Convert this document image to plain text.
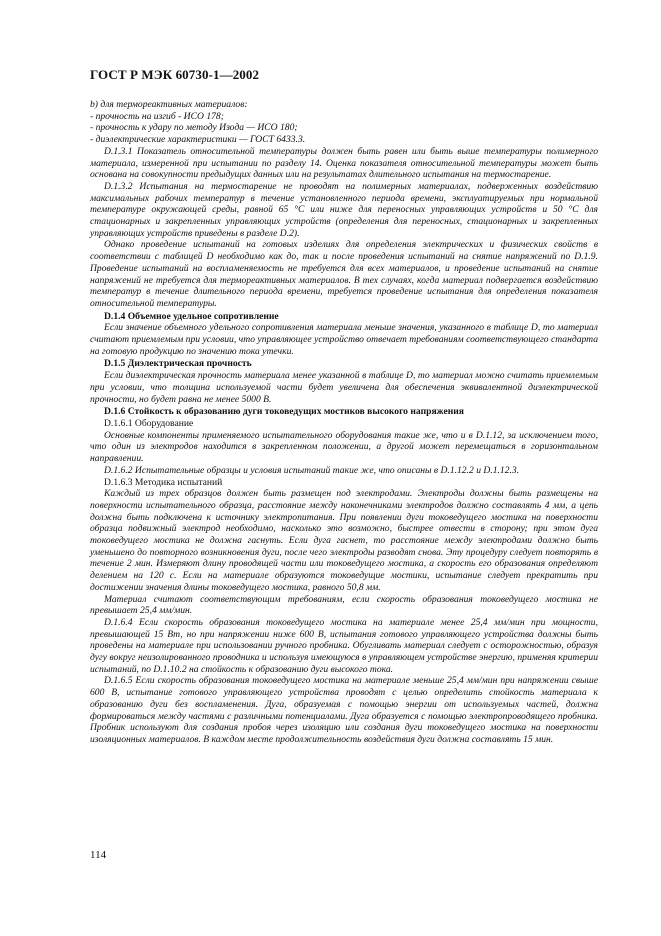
ГОСТ Р МЭК 60730-1—2002

b) для термореактивных материалов:

- прочность на изгиб - ИСО 178;

- прочность к удару по методу Изода — ИСО 180;

- диэлектрические характеристики — ГОСТ 6433.3.

D.1.3.1 Показатель относительной температуры должен быть равен или быть выше температуры полимерного материала, измеренной при испытании по разделу 14. Оценка показателя относительной температуры может быть основана на совокупности предыдущих данных или на результатах длительного испытания на термостарение.

D.1.3.2 Испытания на термостарение не проводят на полимерных материалах, подверженных воздействию максимальных рабочих температур в течение установленного периода времени, эксплуатируемых при нормальной температуре окружающей среды, равной 65 °С или ниже для переносных управляющих устройств и 50 °С для стационарных и закрепленных управляющих устройств (определения для переносных, стационарных и закрепленных управляющих устройств приведены в разделе D.2).

Однако проведение испытаний на готовых изделиях для определения электрических и физических свойств в соответствии с таблицей D необходимо как до, так и после проведения испытаний на снятие напряжений по D.1.9. Проведение испытаний на воспламеняемость не требуется для всех материалов, и проведение испытаний на снятие напряжений не требуется для термореактивных материалов. В тех случаях, когда материал подвергается воздействию температур в течение длительного периода времени, требуется проведение испытания для определения показателя относительной температуры.

D.1.4 Объемное удельное сопротивление

Если значение объемного удельного сопротивления материала меньше значения, указанного в таблице D, то материал считают приемлемым при условии, что управляющее устройство отвечает требованиям соответствующего стандарта на готовую продукцию по значению тока утечки.

D.1.5 Диэлектрическая прочность

Если диэлектрическая прочность материала менее указанной в таблице D, то материал можно считать приемлемым при условии, что толщина используемой части будет увеличена для обеспечения эквивалентной диэлектрической прочности, но будет равна не менее 5000 В.

D.1.6 Стойкость к образованию дуги токоведущих мостиков высокого напряжения

D.1.6.1 Оборудование

Основные компоненты применяемого испытательного оборудования такие же, что и в D.1.12, за исключением того, что один из электродов находится в закрепленном положении, а другой может перемещаться в горизонтальном направлении.

D.1.6.2 Испытательные образцы и условия испытаний такие же, что описаны в D.1.12.2 и D.1.12.3.

D.1.6.3 Методика испытаний

Каждый из трех образцов должен быть размещен под электродами. Электроды должны быть размещены на поверхности испытательного образца, расстояние между наконечниками электродов должно составлять 4 мм, а цепь должна быть подключена к источнику электропитания. При появлении дуги токоведущего мостика на поверхности образца подвижный электрод необходимо, насколько это возможно, быстрее отвести в сторону; при этом дуга токоведущего мостика не должна гаснуть. Если дуга гаснет, то расстояние между электродами должно быть уменьшено до повторного возникновения дуги, после чего электроды разводят снова. Эту процедуру следует повторять в течение 2 мин. Измеряют длину проводящей части или токоведущего мостика, а скорость его образования определяют делением на 120 с. Если на материале образуются токоведущие мостики, испытание следует прекратить при достижении значения длины токоведущего мостика, равного 50,8 мм.

Материал считают соответствующим требованиям, если скорость образования токоведущего мостика не превышает 25,4 мм/мин.

D.1.6.4 Если скорость образования токоведущего мостика на материале менее 25,4 мм/мин при мощности, превышающей 15 Вт, но при напряжении ниже 600 В, испытания готового управляющего устройства должны быть проведены на материале при использовании ручного пробника. Обугливать материал следует с осторожностью, образуя дугу вокруг неизолированного проводника и используя имеющуюся в управляющем устройстве энергию, применяя критерии испытаний, по D.1.10.2 на стойкость к образованию дуги высокого тока.

D.1.6.5 Если скорость образования токоведущего мостика на материале меньше 25,4 мм/мин при напряжении свыше 600 В, испытание готового управляющего устройства проводят с целью определить стойкость материала к образованию дуги без воспламенения. Дуга, образуемая с помощью энергии от используемых частей, должна формироваться между частями с различными потенциалами. Дуга образуется с помощью электропроводящего пробника. Пробник используют для создания пробоя через изоляцию или создания дуги токоведущего мостика на поверхности изоляционных материалов. В каждом месте продолжительность воздействия дуги должна составлять 15 мин.

114
